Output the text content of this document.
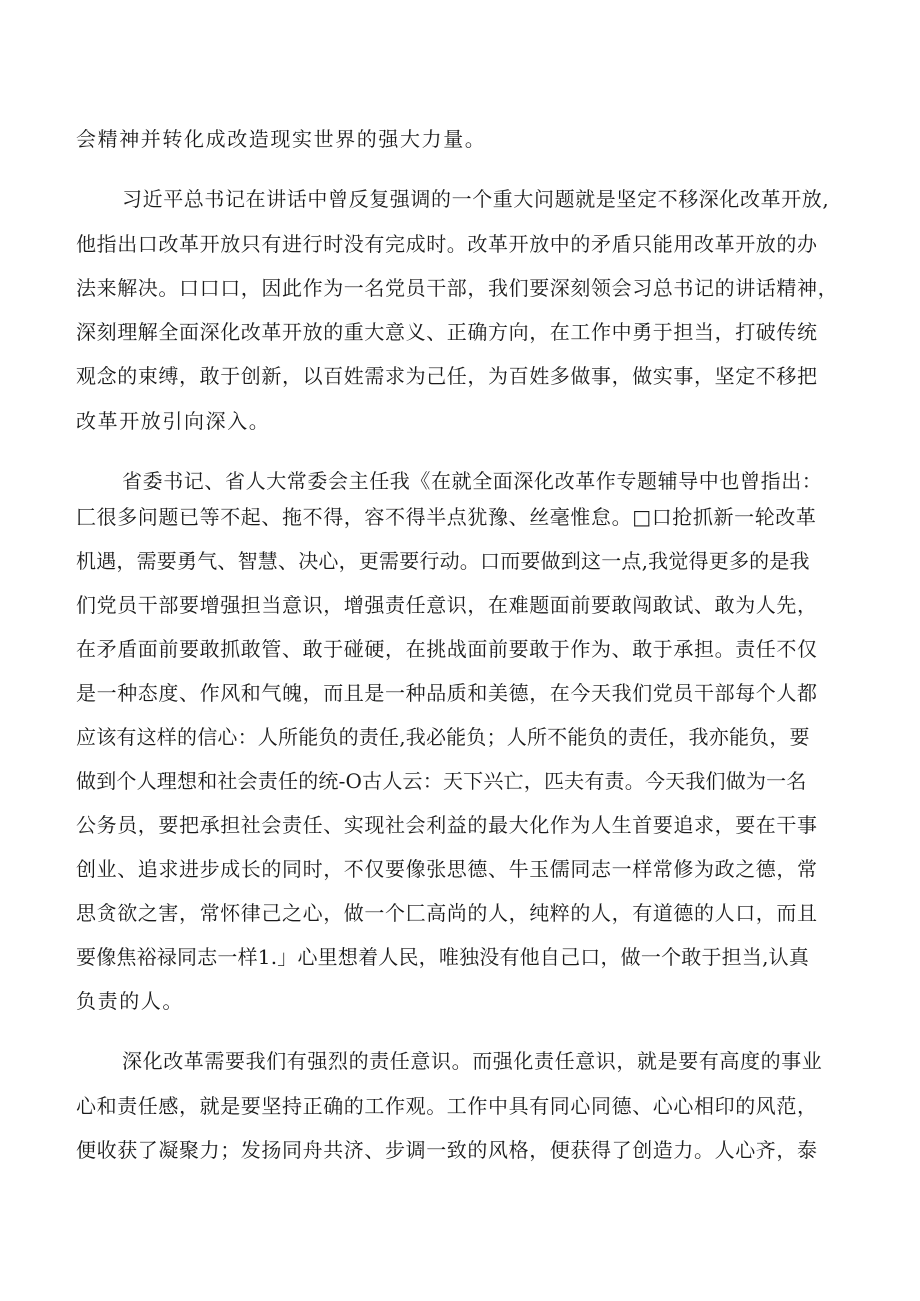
会精神并转化成改造现实世界的强大力量。
习近平总书记在讲话中曾反复强调的一个重大问题就是坚定不移深化改革开放,
他指出口改革开放只有进行时没有完成时。改革开放中的矛盾只能用改革开放的办
法来解决。口口口，因此作为一名党员干部，我们要深刻领会习总书记的讲话精神，
深刻理解全面深化改革开放的重大意义、正确方向，在工作中勇于担当，打破传统
观念的束缚，敢于创新，以百姓需求为己任，为百姓多做事，做实事，坚定不移把
改革开放引向深入。
省委书记、省人大常委会主任我《在就全面深化改革作专题辅导中也曾指出：
匚很多问题已等不起、拖不得，容不得半点犹豫、丝毫惟怠。□口抢抓新一轮改革
机遇，需要勇气、智慧、决心，更需要行动。口而要做到这一点,我觉得更多的是我
们党员干部要增强担当意识，增强责任意识，在难题面前要敢闯敢试、敢为人先，
在矛盾面前要敢抓敢管、敢于碰硬，在挑战面前要敢于作为、敢于承担。责任不仅
是一种态度、作风和气魄，而且是一种品质和美德，在今天我们党员干部每个人都
应该有这样的信心：人所能负的责任,我必能负；人所不能负的责任，我亦能负，要
做到个人理想和社会责任的统-O古人云：天下兴亡，匹夫有责。今天我们做为一名
公务员，要把承担社会责任、实现社会利益的最大化作为人生首要追求，要在干事
创业、追求进步成长的同时，不仅要像张思德、牛玉儒同志一样常修为政之德，常
思贪欲之害，常怀律己之心，做一个匚高尚的人，纯粹的人，有道德的人口，而且
要像焦裕禄同志一样1.」心里想着人民，唯独没有他自己口，做一个敢于担当,认真
负责的人。
深化改革需要我们有强烈的责任意识。而强化责任意识，就是要有高度的事业
心和责任感，就是要坚持正确的工作观。工作中具有同心同德、心心相印的风范，
便收获了凝聚力；发扬同舟共济、步调一致的风格，便获得了创造力。人心齐，泰
